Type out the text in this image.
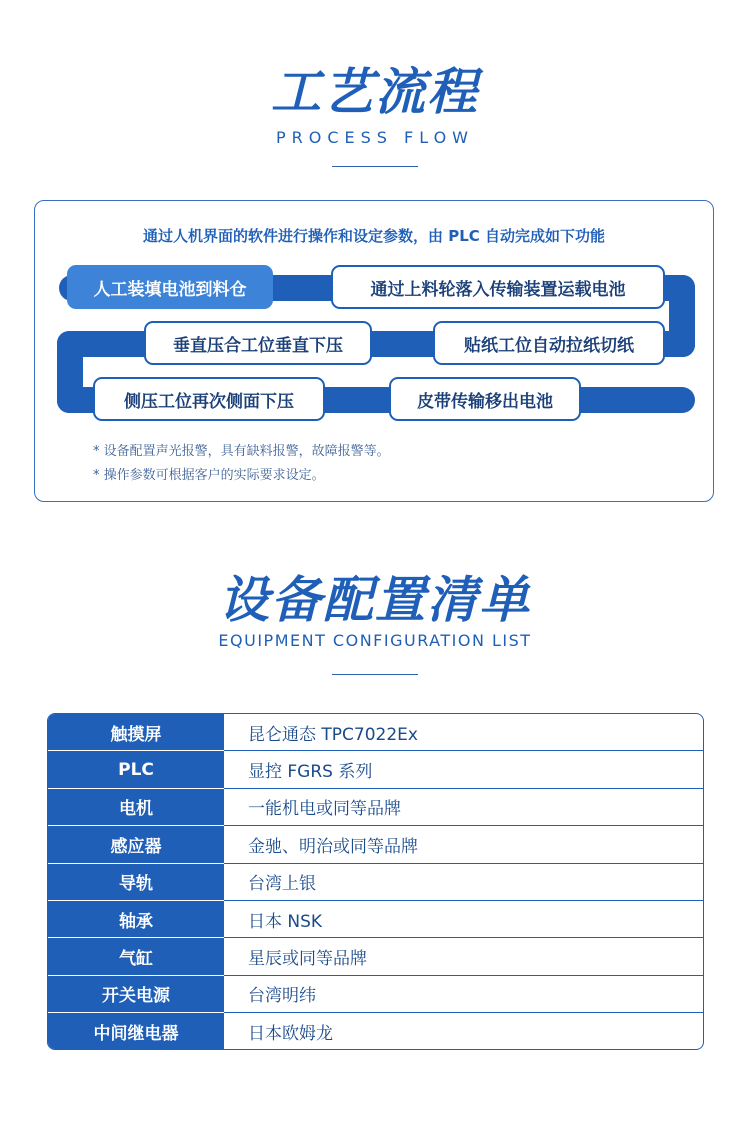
工艺流程
PROCESS FLOW
通过人机界面的软件进行操作和设定参数，由 PLC 自动完成如下功能
人工装填电池到料仓	▶	通过上料轮落入传输装置运载电池
贴纸工位自动拉纸切纸
◀
垂直压合工位垂直下压
◀
侧压工位再次侧面下压	▶	皮带传输移出电池
* 设备配置声光报警，具有缺料报警，故障报警等。
* 操作参数可根据客户的实际要求设定。
设备配置清单
EQUIPMENT CONFIGURATION LIST
触摸屏	昆仑通态 TPC7022Ex
PLC	显控 FGRS 系列
电机	一能机电或同等品牌
感应器	金驰、明治或同等品牌
导轨	台湾上银
轴承	日本 NSK
气缸	星辰或同等品牌
开关电源	台湾明纬
中间继电器	日本欧姆龙
